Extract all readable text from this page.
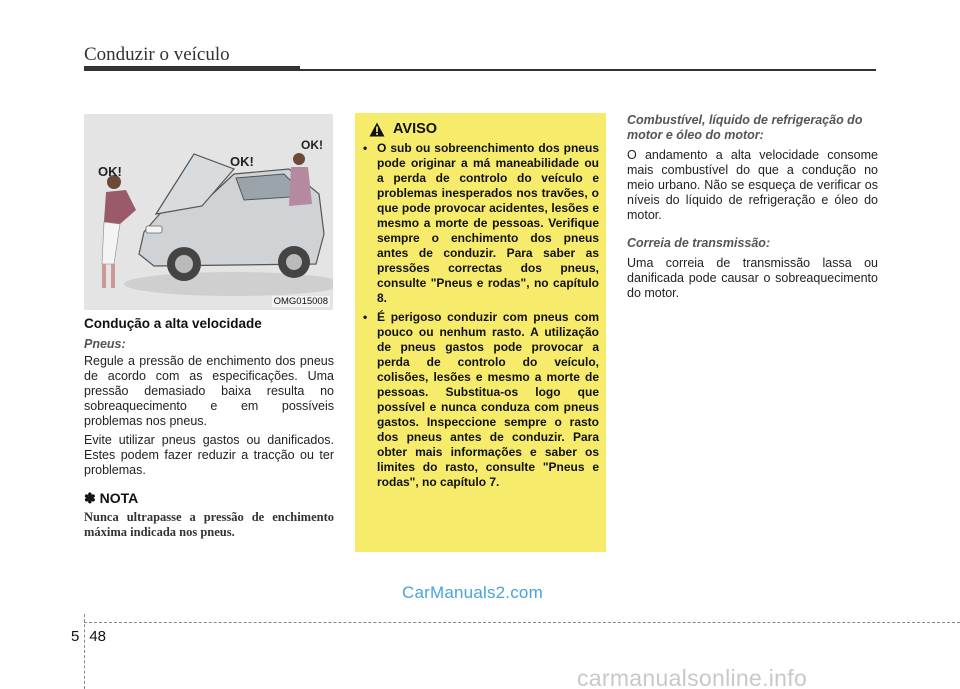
Conduzir o veículo
OK!
OK!
OK!
OMG015008
Condução a alta velocidade
Pneus:
Regule a pressão de enchimento dos pneus de acordo com as especificações. Uma pressão demasiado baixa resulta no sobreaquecimento e em possíveis problemas nos pneus.
Evite utilizar pneus gastos ou danificados. Estes podem fazer reduzir a tracção ou ter problemas.
✽ NOTA
Nunca ultrapasse a pressão de enchimento máxima indicada nos pneus.
AVISO
• O sub ou sobreenchimento dos pneus pode originar a má maneabilidade ou a perda de controlo do veículo e problemas inesperados nos travões, o que pode provocar acidentes, lesões e mesmo a morte de pessoas. Verifique sempre o enchimento dos pneus antes de conduzir. Para saber as pressões correctas dos pneus, consulte "Pneus e rodas", no capítulo 8.
• É perigoso conduzir com pneus com pouco ou nenhum rasto. A utilização de pneus gastos pode provocar a perda de controlo do veículo, colisões, lesões e mesmo a morte de pessoas. Substitua-os logo que possível e nunca conduza com pneus gastos. Inspeccione sempre o rasto dos pneus antes de conduzir. Para obter mais informações e saber os limites do rasto, consulte "Pneus e rodas", no capítulo 7.
Combustível, líquido de refrigeração do motor e óleo do motor:
O andamento a alta velocidade consome mais combustível do que a condução no meio urbano. Não se esqueça de verificar os níveis do líquido de refrigeração e óleo do motor.
Correia de transmissão:
Uma correia de transmissão lassa ou danificada pode causar o sobreaquecimento do motor.
CarManuals2.com
5 48
carmanualsonline.info
